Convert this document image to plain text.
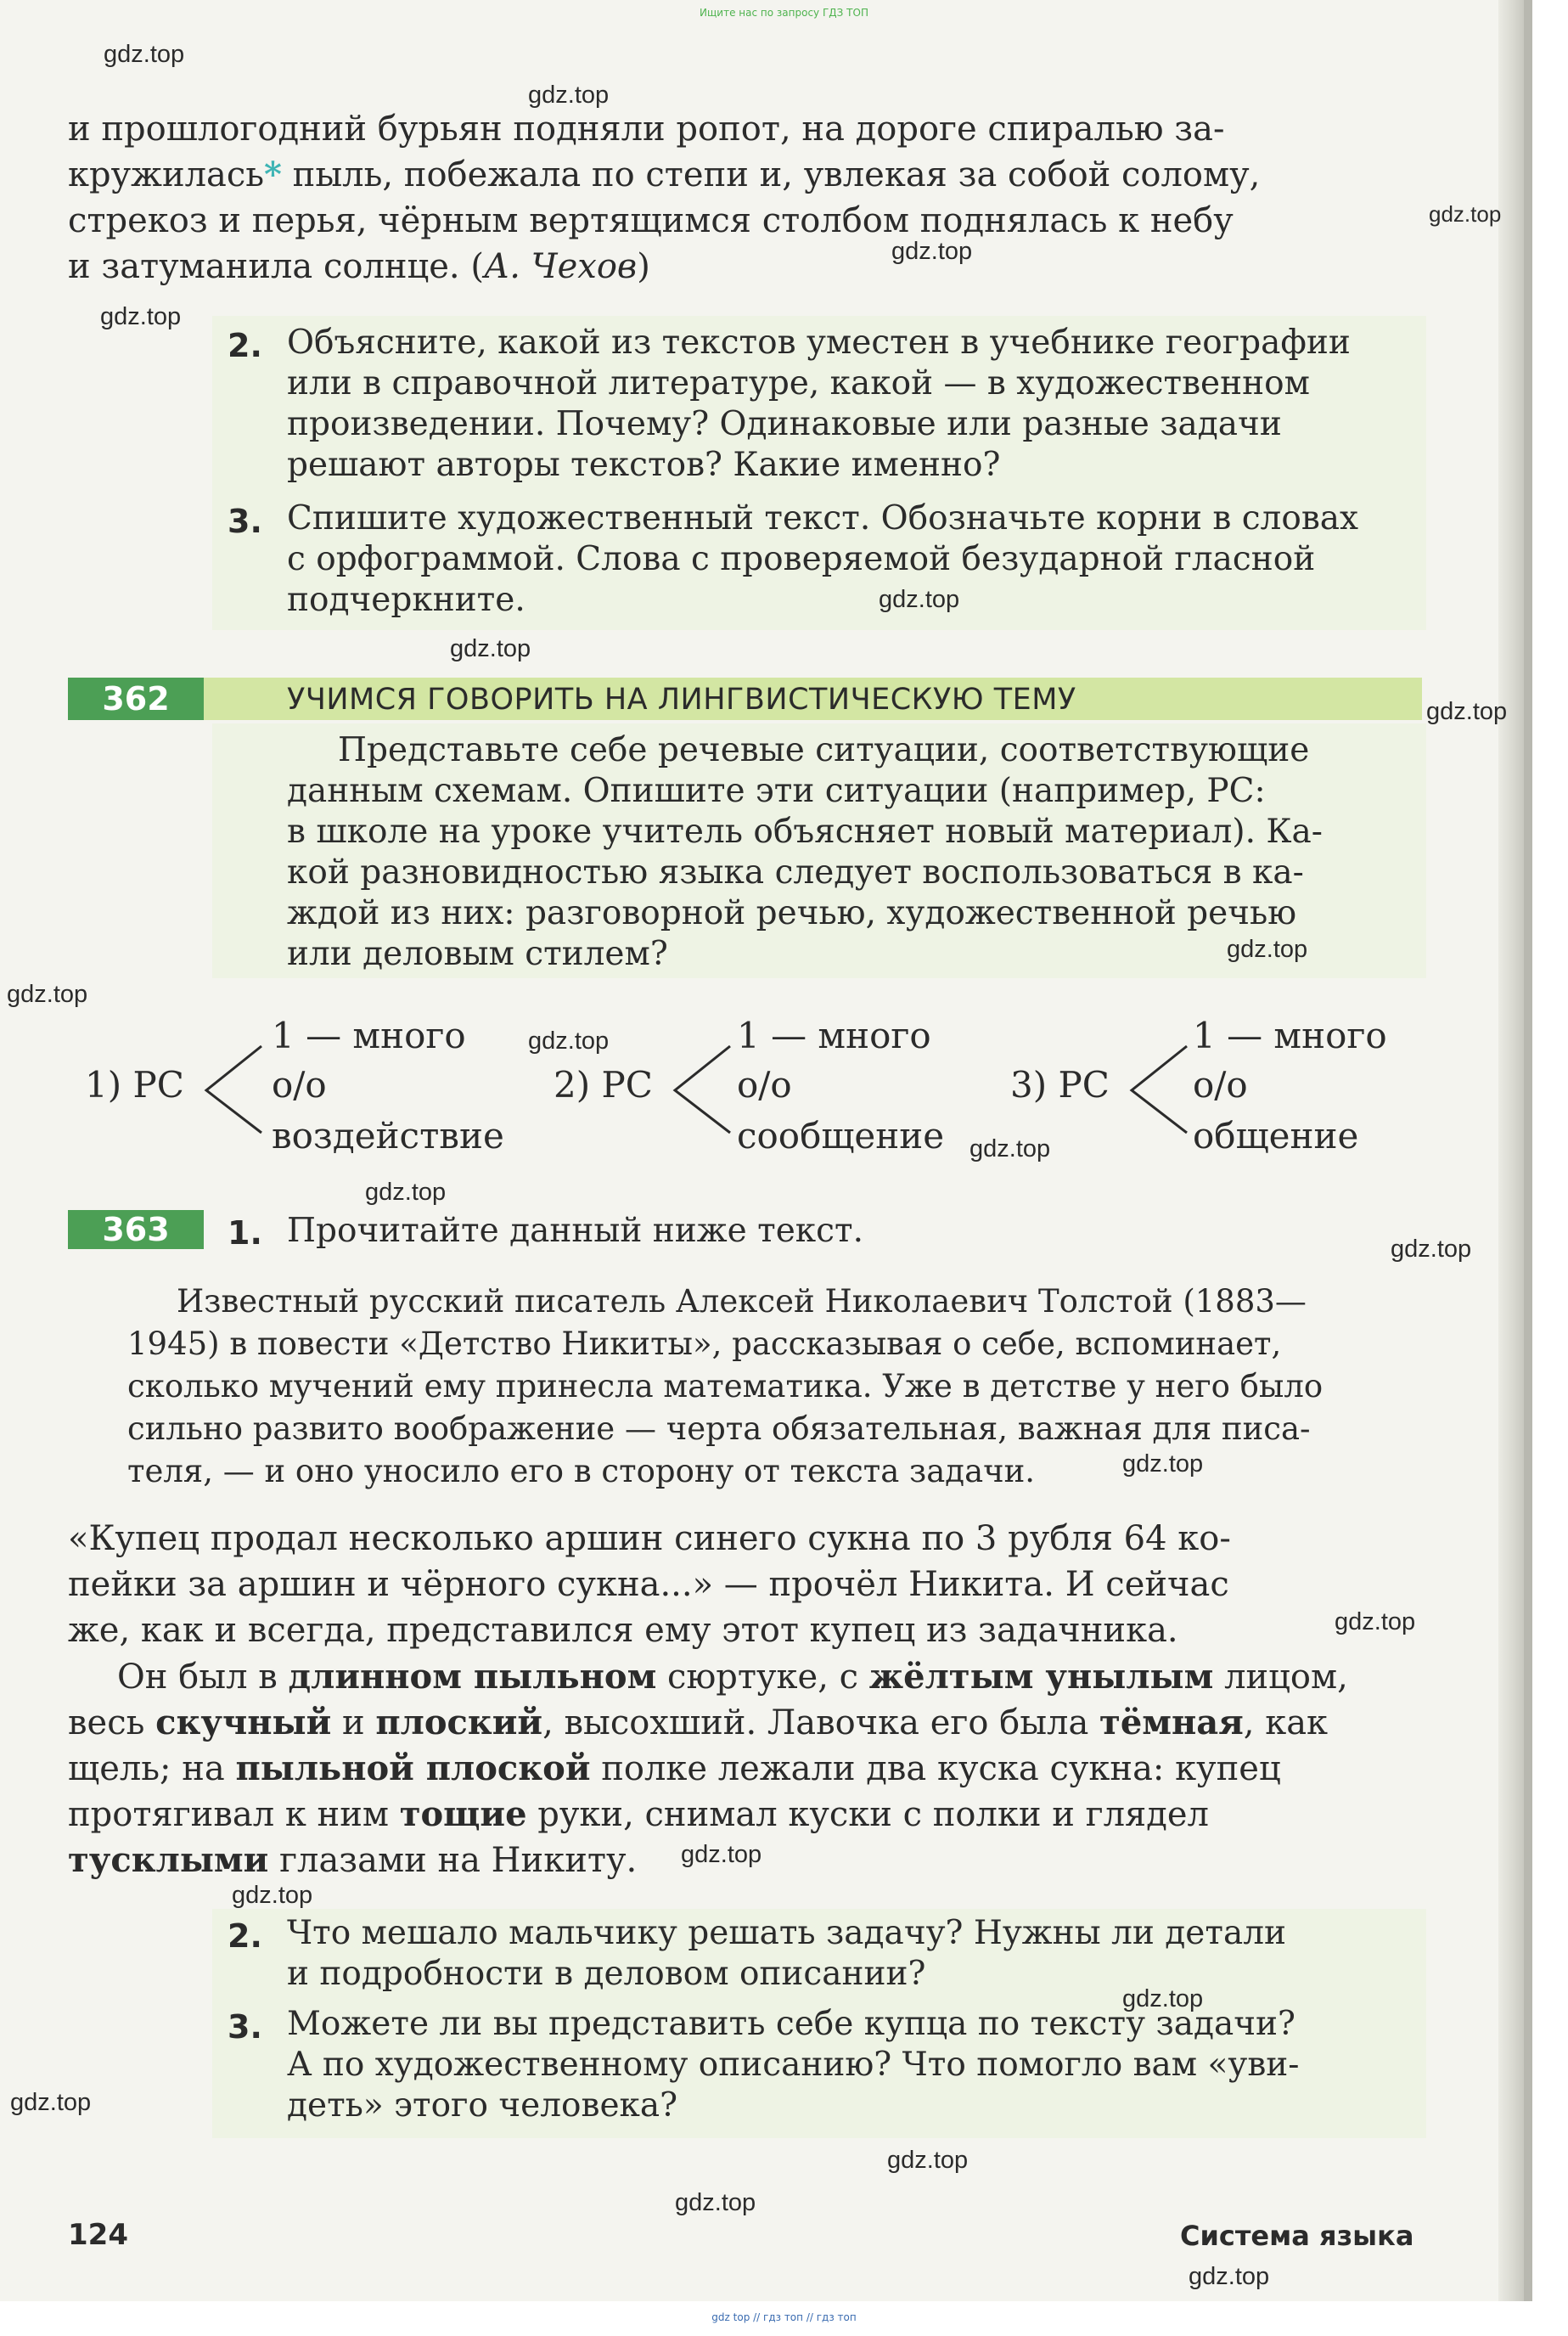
Ищите нас по запросу ГДЗ ТОП
и прошлогодний бурьян подняли ропот, на дороге спиралью за-
кружилась* пыль, побежала по степи и, увлекая за собой солому,
стрекоз и перья, чёрным вертящимся столбом поднялась к небу
и затуманила солнце. (А. Чехов)
2. Объясните, какой из текстов уместен в учебнике географии
или в справочной литературе, какой — в художественном
произведении. Почему? Одинаковые или разные задачи
решают авторы текстов? Какие именно?
3. Спишите художественный текст. Обозначьте корни в словах
с орфограммой. Слова с проверяемой безударной гласной
подчеркните.
362	УЧИМСЯ ГОВОРИТЬ НА ЛИНГВИСТИЧЕСКУЮ ТЕМУ
Представьте себе речевые ситуации, соответствующие
данным схемам. Опишите эти ситуации (например, РС:
в школе на уроке учитель объясняет новый материал). Ка-
кой разновидностью языка следует воспользоваться в ка-
ждой из них: разговорной речью, художественной речью
или деловым стилем?
1) РС
1 — много
о/о
воздействие
2) РС
1 — много
о/о
сообщение
3) РС
1 — много
о/о
общение
363	1. Прочитайте данный ниже текст.
Известный русский писатель Алексей Николаевич Толстой (1883—
1945) в повести «Детство Никиты», рассказывая о себе, вспоминает,
сколько мучений ему принесла математика. Уже в детстве у него было
сильно развито воображение — черта обязательная, важная для писа-
теля, — и оно уносило его в сторону от текста задачи.
«Купец продал несколько аршин синего сукна по 3 рубля 64 ко-
пейки за аршин и чёрного сукна...» — прочёл Никита. И сейчас
же, как и всегда, представился ему этот купец из задачника.
Он был в длинном пыльном сюртуке, с жёлтым унылым лицом,
весь скучный и плоский, высохший. Лавочка его была тёмная, как
щель; на пыльной плоской полке лежали два куска сукна: купец
протягивал к ним тощие руки, снимал куски с полки и глядел
тусклыми глазами на Никиту.
2. Что мешало мальчику решать задачу? Нужны ли детали
и подробности в деловом описании?
3. Можете ли вы представить себе купца по тексту задачи?
А по художественному описанию? Что помогло вам «уви-
деть» этого человека?
124	Система языка
gdz.top
gdz.top
gdz.top
gdz.top
gdz.top
gdz.top
gdz.top
gdz.top
gdz.top
gdz.top
gdz.top
gdz.top
gdz.top
gdz.top
gdz.top
gdz.top
gdz.top
gdz.top
gdz.top
gdz.top
gdz.top
gdz.top
gdz.top
gdz top // гдз топ // гдз топ
